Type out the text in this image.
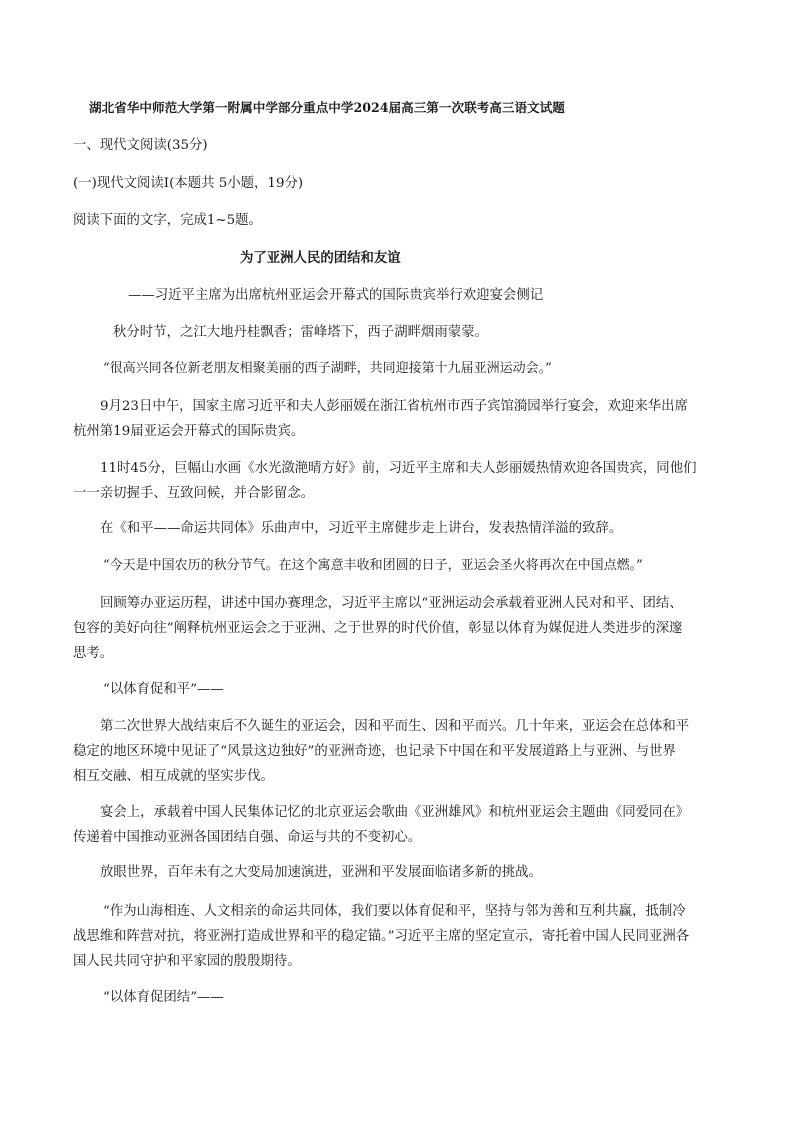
湖北省华中师范大学第一附属中学部分重点中学2024届高三第一次联考高三语文试题
一、现代文阅读(35分)
(一)现代文阅读Ⅰ(本题共 5小题，19分)
阅读下面的文字，完成1~5题。
为了亚洲人民的团结和友谊
——习近平主席为出席杭州亚运会开幕式的国际贵宾举行欢迎宴会侧记
秋分时节，之江大地丹桂飘香；雷峰塔下，西子湖畔烟雨蒙蒙。
“很高兴同各位新老朋友相聚美丽的西子湖畔，共同迎接第十九届亚洲运动会。”
9月23日中午，国家主席习近平和夫人彭丽媛在浙江省杭州市西子宾馆漪园举行宴会，欢迎来华出席
杭州第19届亚运会开幕式的国际贵宾。
11时45分，巨幅山水画《水光潋滟晴方好》前，习近平主席和夫人彭丽媛热情欢迎各国贵宾，同他们
一一亲切握手、互致问候，并合影留念。
在《和平——命运共同体》乐曲声中，习近平主席健步走上讲台，发表热情洋溢的致辞。
“今天是中国农历的秋分节气。在这个寓意丰收和团圆的日子，亚运会圣火将再次在中国点燃。”
回顾筹办亚运历程，讲述中国办赛理念，习近平主席以“亚洲运动会承载着亚洲人民对和平、团结、
包容的美好向往”阐释杭州亚运会之于亚洲、之于世界的时代价值，彰显以体育为媒促进人类进步的深邃
思考。
“以体育促和平”——
第二次世界大战结束后不久诞生的亚运会，因和平而生、因和平而兴。几十年来，亚运会在总体和平
稳定的地区环境中见证了“风景这边独好”的亚洲奇迹，也记录下中国在和平发展道路上与亚洲、与世界
相互交融、相互成就的坚实步伐。
宴会上，承载着中国人民集体记忆的北京亚运会歌曲《亚洲雄风》和杭州亚运会主题曲《同爱同在》
传递着中国推动亚洲各国团结自强、命运与共的不变初心。
放眼世界，百年未有之大变局加速演进，亚洲和平发展面临诸多新的挑战。
“作为山海相连、人文相亲的命运共同体，我们要以体育促和平，坚持与邻为善和互利共赢，抵制冷
战思维和阵营对抗，将亚洲打造成世界和平的稳定锚。”习近平主席的坚定宣示，寄托着中国人民同亚洲各
国人民共同守护和平家园的殷殷期待。
“以体育促团结”——
